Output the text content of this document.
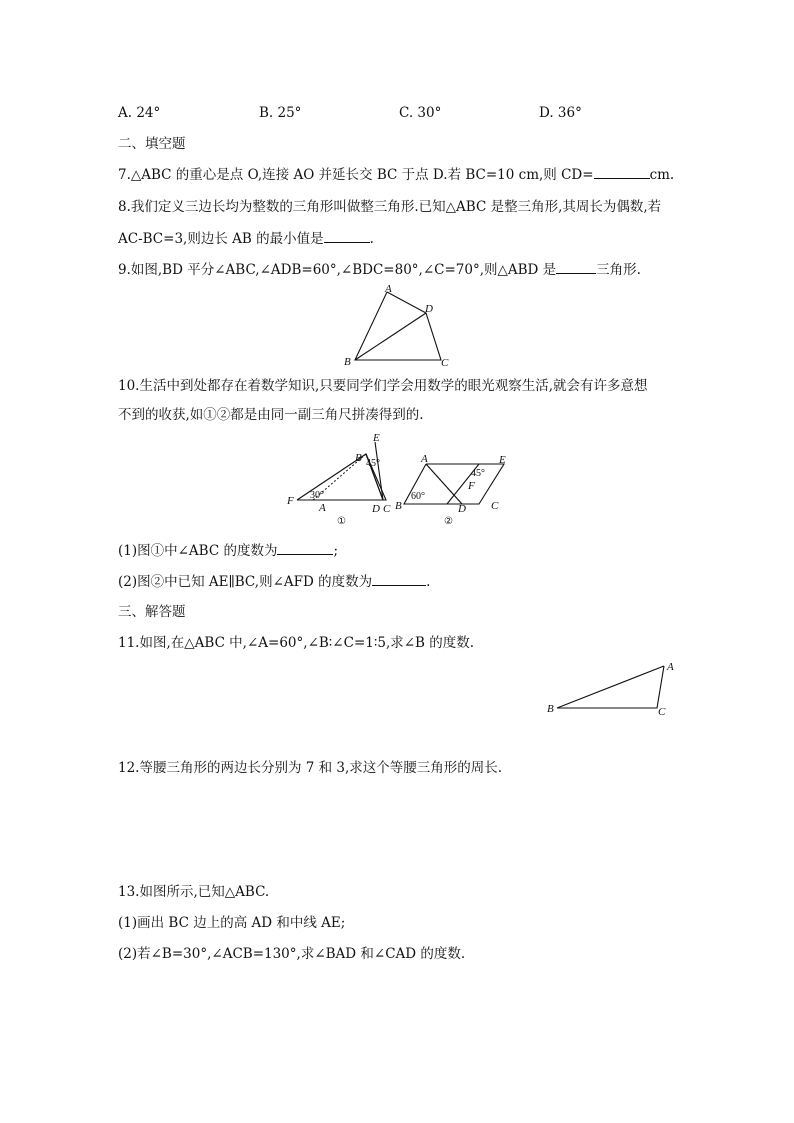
A. 24°	B. 25°	C. 30°	D. 36°
二、填空题
7.△ABC 的重心是点 O,连接 AO 并延长交 BC 于点 D.若 BC=10 cm,则 CD=	cm.
8.我们定义三边长均为整数的三角形叫做整三角形.已知△ABC 是整三角形,其周长为偶数,若
AC-BC=3,则边长 AB 的最小值是	.
9.如图,BD 平分∠ABC,∠ADB=60°,∠BDC=80°,∠C=70°,则△ABD 是	三角形.
A
D
B	C
10.生活中到处都存在着数学知识,只要同学们学会用数学的眼光观察生活,就会有许多意想
不到的收获,如①②都是由同一副三角尺拼凑得到的.
E
B 45°
30°
F
A	D C
①
A	E
45°
F
60°
B	D C
②
(1)图①中∠ABC 的度数为	;
(2)图②中已知 AE∥BC,则∠AFD 的度数为	.
三、解答题
11.如图,在△ABC 中,∠A=60°,∠B∶∠C=1∶5,求∠B 的度数.
A
B	C
12.等腰三角形的两边长分别为 7 和 3,求这个等腰三角形的周长.
13.如图所示,已知△ABC.
(1)画出 BC 边上的高 AD 和中线 AE;
(2)若∠B=30°,∠ACB=130°,求∠BAD 和∠CAD 的度数.
